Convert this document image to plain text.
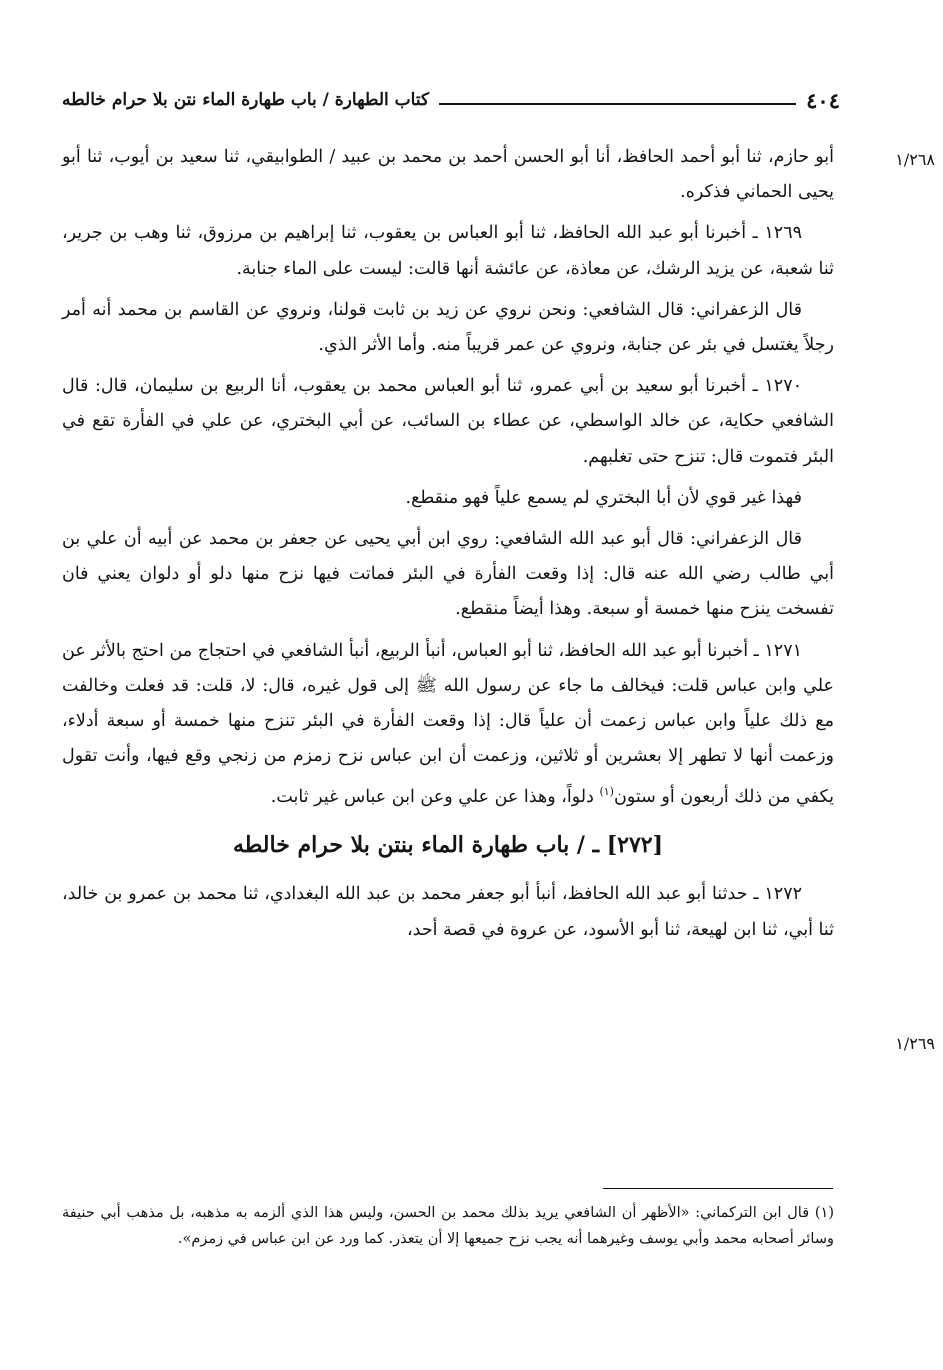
٤٠٤
كتاب الطهارة / باب طهارة الماء نتن بلا حرام خالطه
١/٢٦٨
١/٢٦٩

أبو حازم، ثنا أبو أحمد الحافظ، أنا أبو الحسن أحمد بن محمد بن عبيد / الطوابيقي، ثنا سعيد بن أيوب، ثنا أبو يحيى الحماني فذكره.

١٢٦٩ ـ أخبرنا أبو عبد الله الحافظ، ثنا أبو العباس بن يعقوب، ثنا إبراهيم بن مرزوق، ثنا وهب بن جرير، ثنا شعبة، عن يزيد الرشك، عن معاذة، عن عائشة أنها قالت: ليست على الماء جنابة.

قال الزعفراني: قال الشافعي: ونحن نروي عن زيد بن ثابت قولنا، ونروي عن القاسم بن محمد أنه أمر رجلاً يغتسل في بئر عن جنابة، ونروي عن عمر قريباً منه. وأما الأثر الذي.

١٢٧٠ ـ أخبرنا أبو سعيد بن أبي عمرو، ثنا أبو العباس محمد بن يعقوب، أنا الربيع بن سليمان، قال: قال الشافعي حكاية، عن خالد الواسطي، عن عطاء بن السائب، عن أبي البختري، عن علي في الفأرة تقع في البئر فتموت قال: تنزح حتى تغلبهم.

فهذا غير قوي لأن أبا البختري لم يسمع علياً فهو منقطع.

قال الزعفراني: قال أبو عبد الله الشافعي: روي ابن أبي يحيى عن جعفر بن محمد عن أبيه أن علي بن أبي طالب رضي الله عنه قال: إذا وقعت الفأرة في البئر فماتت فيها نزح منها دلو أو دلوان يعني فان تفسخت ينزح منها خمسة أو سبعة. وهذا أيضاً منقطع.

١٢٧١ ـ أخبرنا أبو عبد الله الحافظ، ثنا أبو العباس، أنبأ الربيع، أنبأ الشافعي في احتجاج من احتج بالأثر عن علي وابن عباس قلت: فيخالف ما جاء عن رسول الله ﷺ إلى قول غيره، قال: لا، قلت: قد فعلت وخالفت مع ذلك علياً وابن عباس زعمت أن علياً قال: إذا وقعت الفأرة في البئر تنزح منها خمسة أو سبعة أدلاء، وزعمت أنها لا تطهر إلا بعشرين أو ثلاثين، وزعمت أن ابن عباس نزح زمزم من زنجي وقع فيها، وأنت تقول يكفي من ذلك أربعون أو ستون$^{(١)}$ دلواً، وهذا عن علي وعن ابن عباس غير ثابت.

[٢٧٢] ـ / باب طهارة الماء بنتن بلا حرام خالطه

١٢٧٢ ـ حدثنا أبو عبد الله الحافظ، أنبأ أبو جعفر محمد بن عبد الله البغدادي، ثنا محمد بن عمرو بن خالد، ثنا أبي، ثنا ابن لهيعة، ثنا أبو الأسود، عن عروة في قصة أحد،

(١) قال ابن التركماني: «الأظهر أن الشافعي يريد بذلك محمد بن الحسن، وليس هذا الذي ألزمه به مذهبه، بل مذهب أبي حنيفة وسائر أصحابه محمد وأبي يوسف وغيرهما أنه يجب نزح جميعها إلا أن يتعذر. كما ورد عن ابن عباس في زمزم».
